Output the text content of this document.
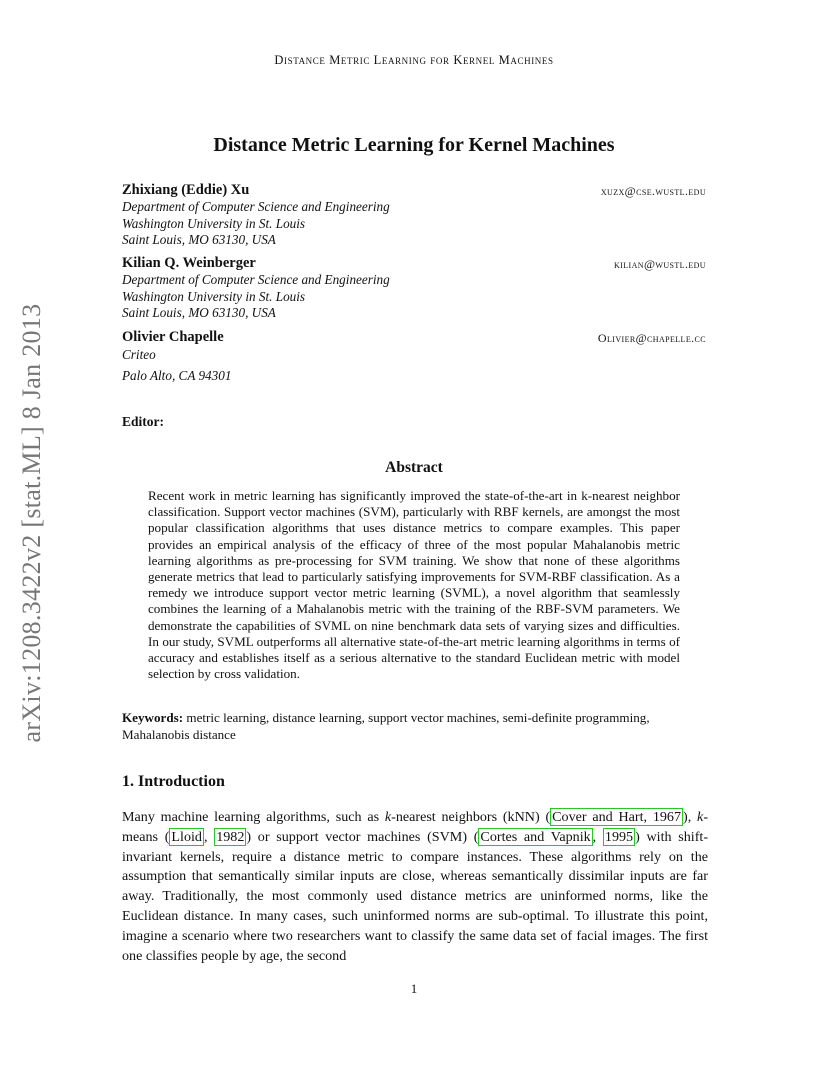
Distance Metric Learning for Kernel Machines
arXiv:1208.3422v2 [stat.ML] 8 Jan 2013
Distance Metric Learning for Kernel Machines
Zhixiang (Eddie) Xu	xuzx@cse.wustl.edu
Department of Computer Science and Engineering
Washington University in St. Louis
Saint Louis, MO 63130, USA
Kilian Q. Weinberger	kilian@wustl.edu
Department of Computer Science and Engineering
Washington University in St. Louis
Saint Louis, MO 63130, USA
Olivier Chapelle	Olivier@chapelle.cc
Criteo
Palo Alto, CA 94301
Editor:
Abstract
Recent work in metric learning has significantly improved the state-of-the-art in k-nearest neighbor classification. Support vector machines (SVM), particularly with RBF kernels, are amongst the most popular classification algorithms that uses distance metrics to compare examples. This paper provides an empirical analysis of the efficacy of three of the most popular Mahalanobis metric learning algorithms as pre-processing for SVM training. We show that none of these algorithms generate metrics that lead to particularly satisfying improvements for SVM-RBF classification. As a remedy we introduce support vector metric learning (SVML), a novel algorithm that seamlessly combines the learning of a Mahalanobis metric with the training of the RBF-SVM parameters. We demonstrate the capabilities of SVML on nine benchmark data sets of varying sizes and difficulties. In our study, SVML outperforms all alternative state-of-the-art metric learning algorithms in terms of accuracy and establishes itself as a serious alternative to the standard Euclidean metric with model selection by cross validation.
Keywords: metric learning, distance learning, support vector machines, semi-definite programming, Mahalanobis distance
1. Introduction
Many machine learning algorithms, such as k-nearest neighbors (kNN) ( Cover and Hart, 1967 ), k-means ( Lloid , 1982 ) or support vector machines (SVM) ( Cortes and Vapnik , 1995 ) with shift-invariant kernels, require a distance metric to compare instances. These algorithms rely on the assumption that semantically similar inputs are close, whereas semantically dissimilar inputs are far away. Traditionally, the most commonly used distance metrics are uninformed norms, like the Euclidean distance. In many cases, such uninformed norms are sub-optimal. To illustrate this point, imagine a scenario where two researchers want to classify the same data set of facial images. The first one classifies people by age, the second
1
